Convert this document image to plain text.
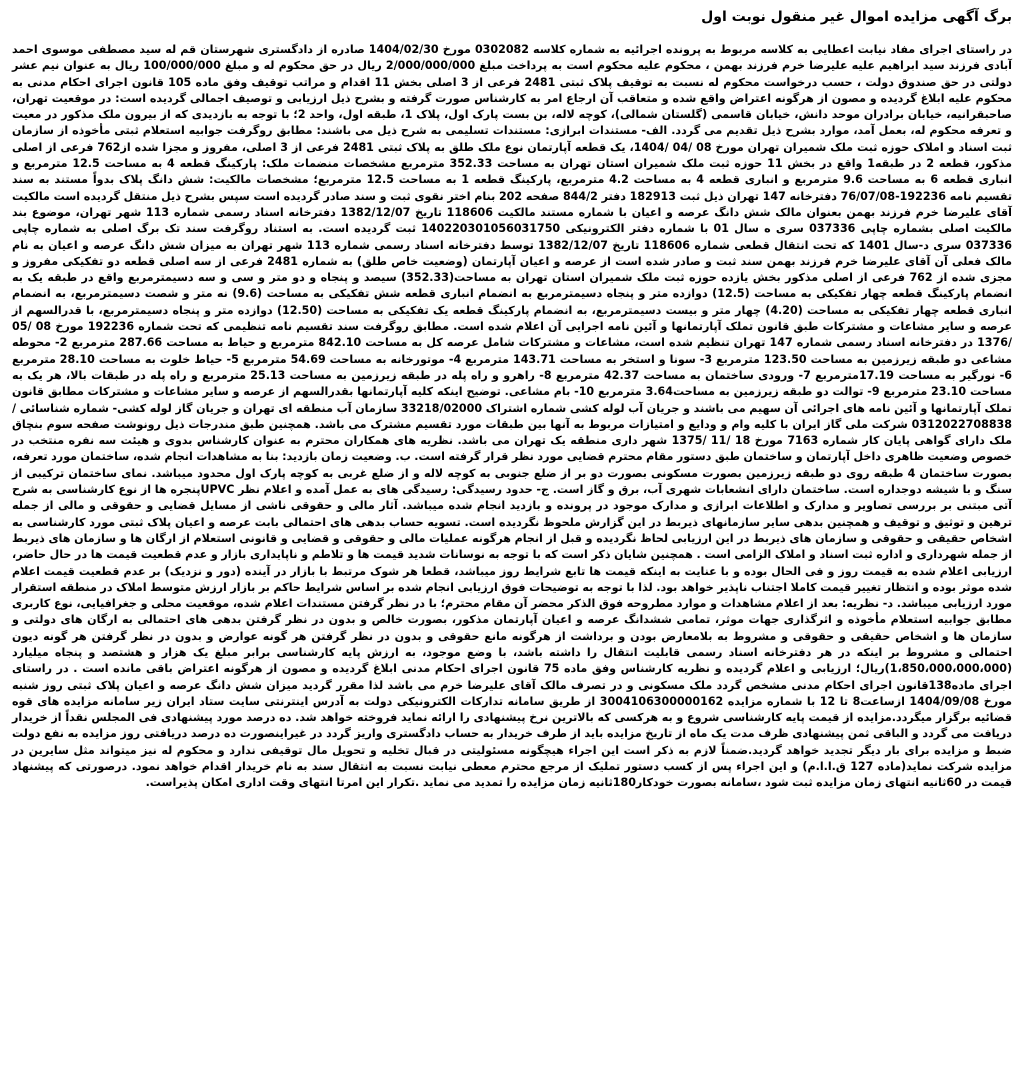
برگ آگهی مزایده اموال غیر منقول نوبت اول

در راستای اجرای مفاد نیابت اعطایی به کلاسه مربوط به پرونده اجرائیه به شماره کلاسه 0302082 مورخ 1404/02/30 صادره از دادگستری شهرستان قم له سید مصطفی موسوی احمد آبادی فرزند سید ابراهیم علیه علیرضا خرم فرزند بهمن ، محکوم علیه محکوم است به پرداخت مبلغ 2/000/000/000 ریال در حق محکوم له و مبلغ 100/000/000 ریال به عنوان نیم عشر دولتی در حق صندوق دولت ، حسب درخواست محکوم له نسبت به توقیف پلاک ثبتی 2481 فرعی از 3 اصلی بخش 11 اقدام و مراتب توقیف وفق ماده 105 قانون اجرای احکام مدنی به محکوم علیه ابلاغ گردیده و مصون از هرگونه اعتراض واقع شده و متعاقب آن ارجاع امر به کارشناس صورت گرفته و بشرح ذیل ارزیابی و توصیف اجمالی گردیده است: در موقعیت تهران، صاحبقرانیه، خیابان برادران موحد دانش، خیابان قاسمی (گلستان شمالی)، کوچه لاله، بن بست پارک اول، پلاک 1، طبقه اول، واحد 2؛ با توجه به بازدیدی که از بیرون ملک مذکور در معیت و تعرفه محکوم له، بعمل آمد، موارد بشرح ذیل تقدیم می گردد. الف- مستندات ابرازی: مستندات تسلیمی به شرح ذیل می باشند: مطابق روگرفت جوابیه استعلام ثبتی مأخوذه از سازمان ثبت اسناد و املاک حوزه ثبت ملک شمیران تهران مورخ 08 /04 /1404، یک قطعه آپارتمان نوع ملک طلق به پلاک ثبتی 2481 فرعی از 3 اصلی، مفروز و مجزا شده از762 فرعی از اصلی مذکور، قطعه 2 در طبقه1 واقع در بخش 11 حوزه ثبت ملک شمیران استان تهران به مساحت 352.33 مترمربع مشخصات منضمات ملک: پارکینگ قطعه 4 به مساحت 12.5 مترمربع و انباری قطعه 6 به مساحت 9.6 مترمربع و انباری قطعه 4 به مساحت 4.2 مترمربع، پارکینگ قطعه 1 به مساحت 12.5 مترمربع؛ مشخصات مالکیت: شش دانگ پلاک بدواً مستند به سند تقسیم نامه 192236-76/07/08 دفترخانه 147 تهران ذیل ثبت 182913 دفتر 844/2 صفحه 202 بنام اختر نقوی ثبت و سند صادر گردیده است سپس بشرح ذیل منتقل گردیده است مالکیت آقای علیرضا خرم فرزند بهمن بعنوان مالک شش دانگ عرصه و اعیان با شماره مستند مالکیت 118606 تاریخ 1382/12/07 دفترخانه اسناد رسمی شماره 113 شهر تهران، موضوع بند مالکیت اصلی بشماره چاپی 037336 سری ه سال 01 با شماره دفتر الکترونیکی 140220301056031750 ثبت گردیده است. به استناد روگرفت سند تک برگ اصلی به شماره چاپی 037336 سری د-سال 1401 که تحت انتقال قطعی شماره 118606 تاریخ 1382/12/07 توسط دفترخانه اسناد رسمی شماره 113 شهر تهران به میزان شش دانگ عرصه و اعیان به نام مالک فعلی آن آقای علیرضا خرم فرزند بهمن سند ثبت و صادر شده است از عرصه و اعیان آپارتمان (وضعیت خاص طلق) به شماره 2481 فرعی از سه اصلی قطعه دو تفکیکی مفروز و مجزی شده از 762 فرعی از اصلی مذکور بخش یازده حوزه ثبت ملک شمیران استان تهران به مساحت(352.33) سیصد و پنجاه و دو متر و سی و سه دسیمترمربع واقع در طبقه یک به انضمام پارکینگ قطعه چهار تفکیکی به مساحت (12.5) دوازده متر و پنجاه دسیمترمربع به انضمام انباری قطعه شش تفکیکی به مساحت (9.6) نه متر و شصت دسیمترمربع، به انضمام انباری قطعه چهار تفکیکی به مساحت (4.20) چهار متر و بیست دسیمترمربع، به انضمام پارکینگ قطعه یک تفکیکی به مساحت (12.50) دوازده متر و پنجاه دسیمترمربع، با قدرالسهم از عرصه و سایر مشاعات و مشترکات طبق قانون تملک آپارتمانها و آئین نامه اجرایی آن اعلام شده است. مطابق روگرفت سند تقسیم نامه تنظیمی که تحت شماره 192236 مورخ 08 /05 /1376 در دفترخانه اسناد رسمی شماره 147 تهران تنظیم شده است، مشاعات و مشترکات شامل عرصه کل به مساحت 842.10 مترمربع و حیاط به مساحت 287.66 مترمربع 2- محوطه مشاعی دو طبقه زیرزمین به مساحت 123.50 مترمربع 3- سونا و استخر به مساحت 143.71 مترمربع 4- موتورخانه به مساحت 54.69 مترمربع 5- حیاط خلوت به مساحت 28.10 مترمربع 6- نورگیر به مساحت 17.19مترمربع 7- ورودی ساختمان به مساحت 42.37 مترمربع 8- راهرو و راه پله در طبقه زیرزمین به مساحت 25.13 مترمربع و راه پله در طبقات بالا، هر یک به مساحت 23.10 مترمربع 9- توالت دو طبقه زیرزمین به مساحت3.64 مترمربع 10- بام مشاعی. توضیح اینکه کلیه آپارتمانها بقدرالسهم از عرصه و سایر مشاعات و مشترکات مطابق قانون تملک آپارتمانها و آئین نامه های اجرائی آن سهیم می باشند و جریان آب لوله کشی شماره اشتراک 33218/02000 سازمان آب منطقه ای تهران و جریان گاز لوله کشی- شماره شناسائی / 0312022708838 شرکت ملی گاز ایران با کلیه وام و ودایع و امتیازات مربوط به آنها بین طبقات مورد تقسیم مشترک می باشد. همچنین طبق مندرجات ذیل رونوشت صفحه سوم بنچاق ملک دارای گواهی پایان کار شماره 7163 مورخ 18 /11 /1375 شهر داری منطقه یک تهران می باشد. نظریه های همکاران محترم به عنوان کارشناس بدوی و هیئت سه نفره منتخب در خصوص وضعیت ظاهری داخل آپارتمان و ساختمان طبق دستور مقام محترم قضایی مورد نظر قرار گرفته است. ب. وضعیت زمان بازدید: بنا به مشاهدات انجام شده، ساختمان مورد تعرفه، بصورت ساختمان 4 طبقه روی دو طبقه زیرزمین بصورت مسکونی بصورت دو بر از ضلع جنوبی به کوچه لاله و از ضلع غربی به کوچه پارک اول محدود میباشد. نمای ساختمان ترکیبی از سنگ و با شیشه دوجداره است. ساختمان دارای انشعابات شهری آب، برق و گاز است. ج- حدود رسیدگی: رسیدگی های به عمل آمده و اعلام نظر UPVCپنجره ها از نوع کارشناسی به شرح آتی مبتنی بر بررسی تصاویر و مدارک و اطلاعات ابرازی و مدارک موجود در پرونده و بازدید انجام شده میباشد. آثار مالی و حقوقی ناشی از مسایل قضایی و حقوقی و مالی از جمله ترهین و توثیق و توقیف و همچنین بدهی سایر سازمانهای ذیربط در این گزارش ملحوظ نگردیده است. تسویه حساب بدهی های احتمالی بابت عرصه و اعیان پلاک ثبتی مورد کارشناسی به اشخاص حقیقی و حقوقی و سازمان های ذیربط در این ارزیابی لحاظ نگردیده و قبل از انجام هرگونه عملیات مالی و حقوقی و قضایی و قانونی استعلام از ارگان ها و سازمان های ذیربط از جمله شهرداری و اداره ثبت اسناد و املاک الزامی است . همچنین شایان ذکر است که با توجه به نوسانات شدید قیمت ها و تلاطم و ناپایداری بازار و عدم قطعیت قیمت ها در حال حاضر، ارزیابی اعلام شده به قیمت روز و فی الحال بوده و با عنایت به اینکه قیمت ها تابع شرایط روز میباشد، قطعا هر شوک مرتبط با بازار در آینده (دور و نزدیک) بر عدم قطعیت قیمت اعلام شده موثر بوده و انتظار تغییر قیمت کاملا اجتناب ناپذیر خواهد بود. لذا با توجه به توضیحات فوق ارزیابی انجام شده بر اساس شرایط حاکم بر بازار ارزش متوسط املاک در منطقه استقرار مورد ارزیابی میباشد. د- نظریه: بعد از اعلام مشاهدات و موارد مطروحه فوق الذکر محضر آن مقام محترم؛ با در نظر گرفتن مستندات اعلام شده، موقعیت محلی و جغرافیایی، نوع کاربری مطابق جوابیه استعلام مأخوذه و اثرگذاری جهات موثر، تمامی ششدانگ عرصه و اعیان آپارتمان مذکور، بصورت خالص و بدون در نظر گرفتن بدهی های احتمالی به ارگان های دولتی و سازمان ها و اشخاص حقیقی و حقوقی و مشروط به بلامعارض بودن و برداشت از هرگونه مانع حقوقی و بدون در نظر گرفتن هر گونه عوارض و بدون در نظر گرفتن هر گونه دیون احتمالی و مشروط بر اینکه در هر دفترخانه اسناد رسمی قابلیت انتقال را داشته باشد، با وضع موجود، به ارزش پایه کارشناسی برابر مبلغ یک هزار و هشتصد و پنجاه میلیارد (1،850،000،000،000)ریال؛ ارزیابی و اعلام گردیده و نظریه کارشناس وفق ماده 75 قانون اجرای احکام مدنی ابلاغ گردیده و مصون از هرگونه اعتراض باقی مانده است . در راستای اجرای ماده138قانون اجرای احکام مدنی مشخص گردد ملک مسکونی و در تصرف مالک آقای علیرضا خرم می باشد لذا مقرر گردید میزان شش دانگ عرصه و اعیان پلاک ثبتی روز شنبه مورخ 1404/09/08 ازساعت8 تا 12 با شماره مزایده 3004106300000162 از طریق سامانه تدارکات الکترونیکی دولت به آدرس اینترنتی سایت ستاد ایران زیر سامانه مزایده های قوه قضائیه برگزار میگردد.مزایده از قیمت پایه کارشناسی شروع و به هرکسی که بالاترین نرخ پیشنهادی را ارائه نماید فروخته خواهد شد. ده درصد مورد پیشنهادی فی المجلس نقداً از خریدار دریافت می گردد و الباقی ثمن پیشنهادی ظرف مدت یک ماه از تاریخ مزایده باید از طرف خریدار به حساب دادگستری واریز گردد در غیراینصورت ده درصد دریافتی روز مزایده به نفع دولت ضبط و مزایده برای بار دیگر تجدید خواهد گردید.ضمناً لازم به ذکر است این اجراء هیچگونه مسئولیتی در قبال تخلیه و تحویل مال توقیفی ندارد و محکوم له نیز میتواند مثل سایرین در مزایده شرکت نماید(ماده 127 ق.ا.ا.م) و این اجراء پس از کسب دستور تملیک از مرجع محترم معطی نیابت نسبت به انتقال سند به نام خریدار اقدام خواهد نمود. درصورتی که پیشنهاد قیمت در 60ثانیه انتهای زمان مزایده ثبت شود ،سامانه بصورت خودکار180ثانیه زمان مزایده را تمدید می نماید .تکرار این امرتا انتهای وقت اداری امکان پذیراست.
